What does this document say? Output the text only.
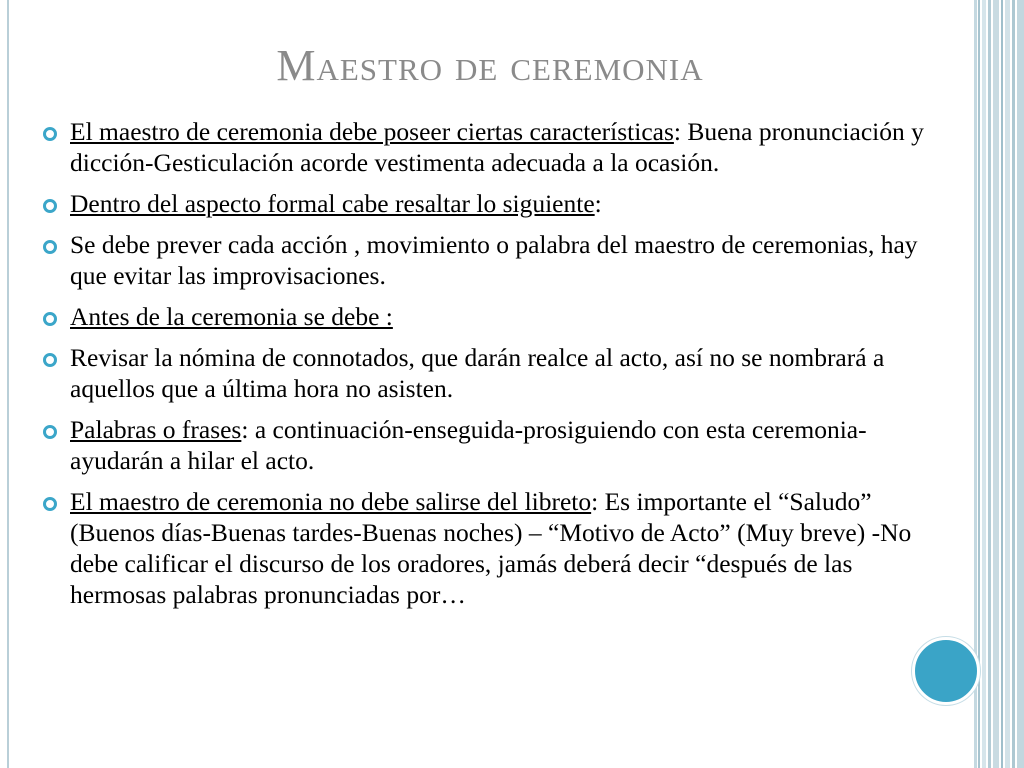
Maestro de ceremonia
El maestro de ceremonia debe poseer ciertas características: Buena pronunciación y dicción-Gesticulación acorde vestimenta adecuada a la ocasión.
Dentro del aspecto formal cabe resaltar lo siguiente:
Se debe prever cada acción , movimiento o palabra del maestro de ceremonias, hay que evitar las improvisaciones.
Antes de la ceremonia se debe :
Revisar la nómina de connotados, que darán realce al acto, así no se nombrará a aquellos que a última hora no asisten.
Palabras o frases: a continuación-enseguida-prosiguiendo con esta ceremonia-ayudarán a hilar el acto.
El maestro de ceremonia no debe salirse del libreto: Es importante el “Saludo” (Buenos días-Buenas tardes-Buenas noches) – “Motivo de Acto” (Muy breve) -No debe calificar el discurso de los oradores, jamás deberá decir “después de las hermosas palabras pronunciadas por…
